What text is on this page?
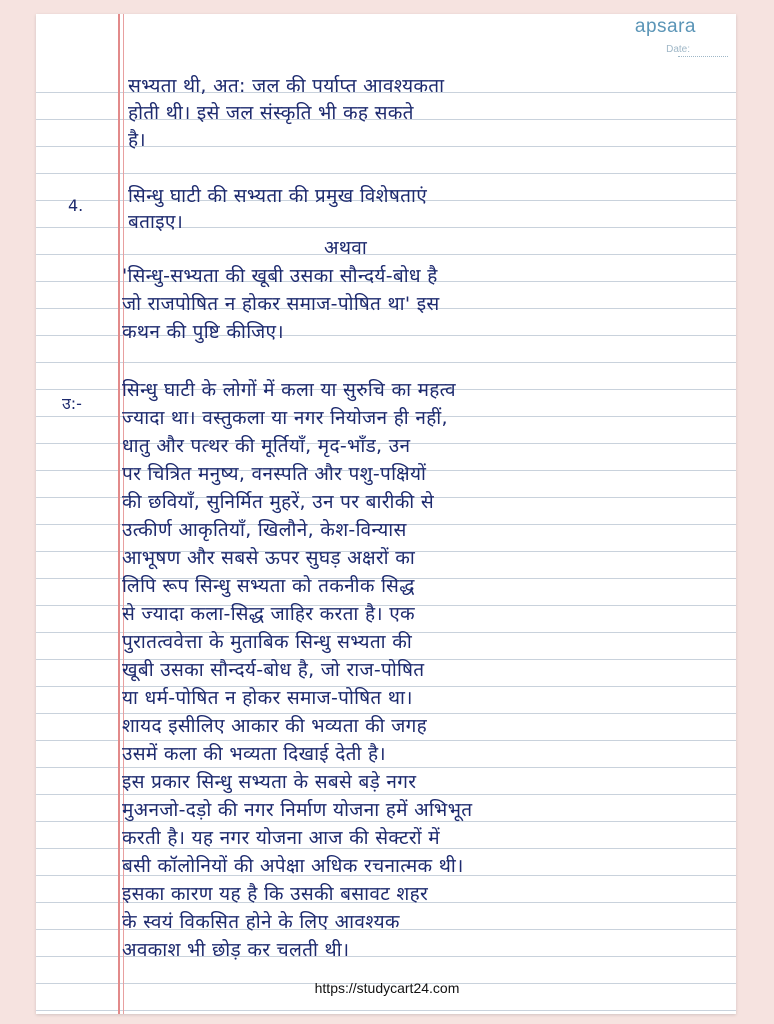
apsara
Date:
सभ्यता थी, अत: जल की पर्याप्त आवश्यकता
होती थी। इसे जल संस्कृति भी कह सकते
है।
4. सिन्धु घाटी की सभ्यता की प्रमुख विशेषताएं
बताइए।
अथवा
'सिन्धु-सभ्यता की खूबी उसका सौन्दर्य-बोध है
जो राजपोषित न होकर समाज-पोषित था' इस
कथन की पुष्टि कीजिए।
उ:-
सिन्धु घाटी के लोगों में कला या सुरुचि का महत्व
ज्यादा था। वस्तुकला या नगर नियोजन ही नहीं,
धातु और पत्थर की मूर्तियाँ, मृद-भाँड, उन
पर चित्रित मनुष्य, वनस्पति और पशु-पक्षियों
की छवियाँ, सुनिर्मित मुहरें, उन पर बारीकी से
उत्कीर्ण आकृतियाँ, खिलौने, केश-विन्यास
आभूषण और सबसे ऊपर सुघड़ अक्षरों का
लिपि रूप सिन्धु सभ्यता को तकनीक सिद्ध
से ज्यादा कला-सिद्ध जाहिर करता है। एक
पुरातत्ववेत्ता के मुताबिक सिन्धु सभ्यता की
खूबी उसका सौन्दर्य-बोध है, जो राज-पोषित
या धर्म-पोषित न होकर समाज-पोषित था।
शायद इसीलिए आकार की भव्यता की जगह
उसमें कला की भव्यता दिखाई देती है।
इस प्रकार सिन्धु सभ्यता के सबसे बड़े नगर
मुअनजो-दड़ो की नगर निर्माण योजना हमें अभिभूत
करती है। यह नगर योजना आज की सेक्टरों में
बसी कॉलोनियों की अपेक्षा अधिक रचनात्मक थी।
इसका कारण यह है कि उसकी बसावट शहर
के स्वयं विकसित होने के लिए आवश्यक
अवकाश भी छोड़ कर चलती थी।
https://studycart24.com
